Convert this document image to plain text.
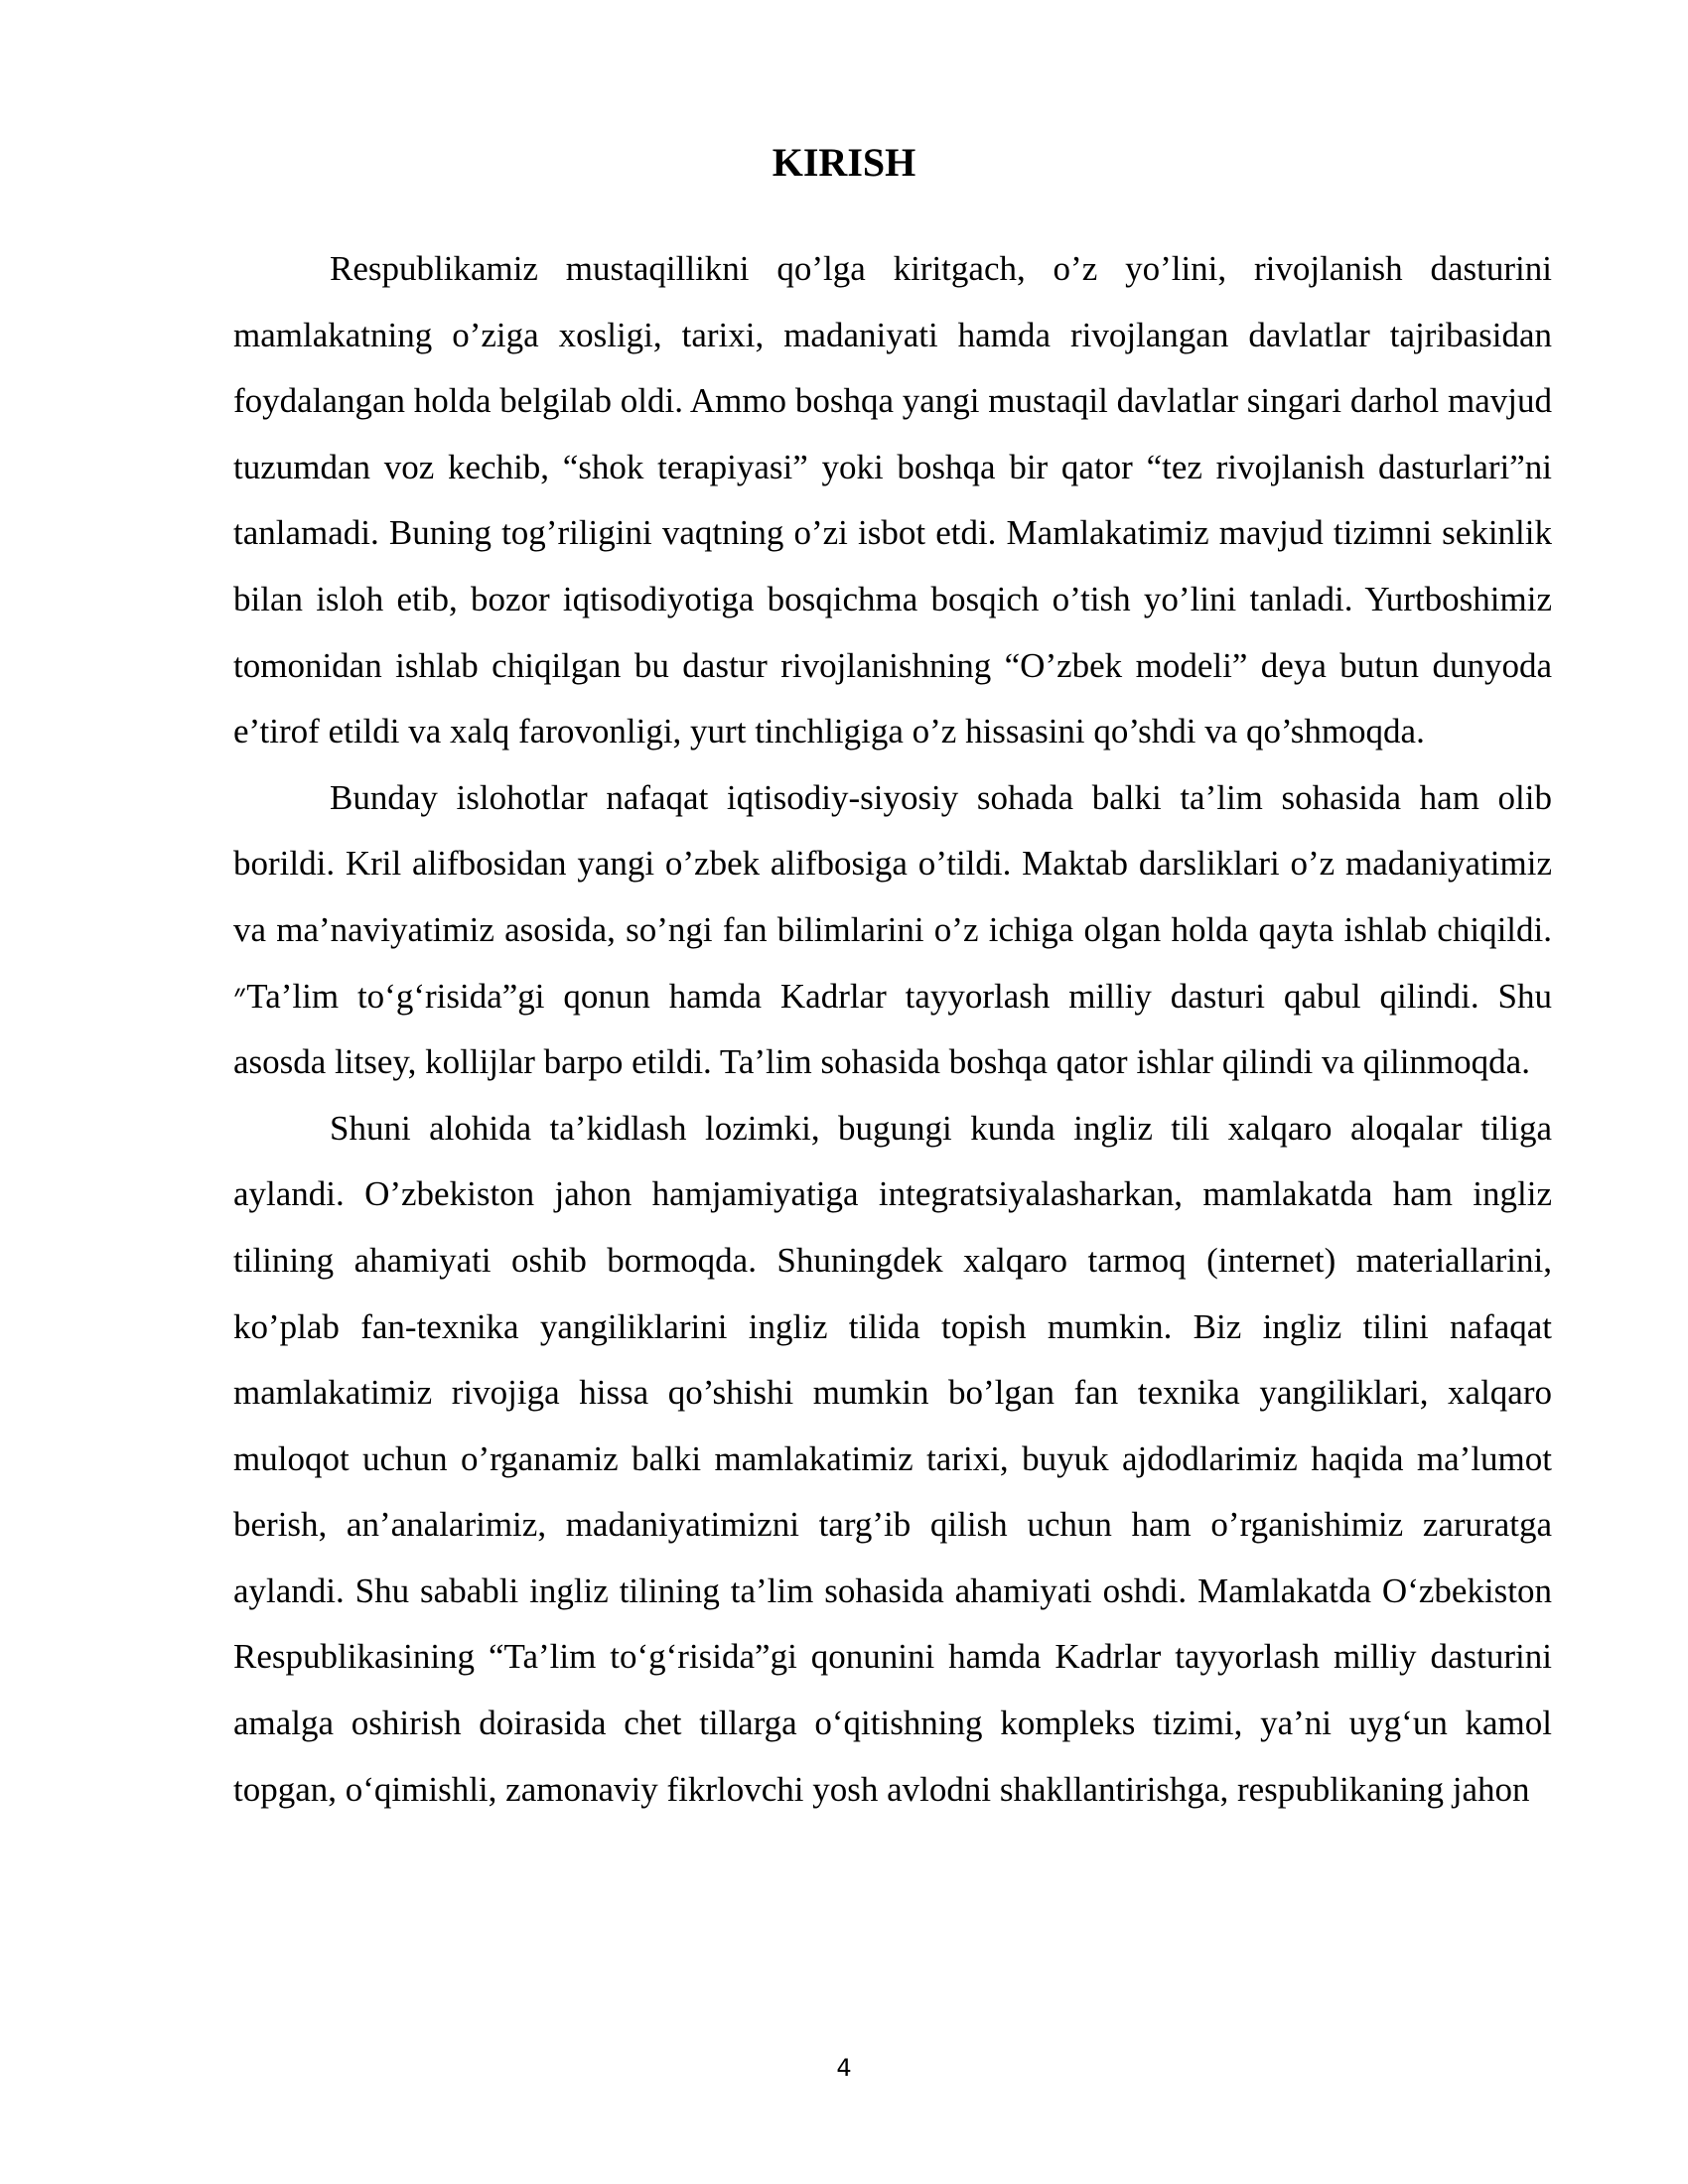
KIRISH

Respublikamiz mustaqillikni qo’lga kiritgach, o’z yo’lini, rivojlanish dasturini mamlakatning o’ziga xosligi, tarixi, madaniyati hamda rivojlangan davlatlar tajribasidan foydalangan holda belgilab oldi. Ammo boshqa yangi mustaqil davlatlar singari darhol mavjud tuzumdan voz kechib, “shok terapiyasi” yoki boshqa bir qator “tez rivojlanish dasturlari”ni tanlamadi. Buning tog’riligini vaqtning o’zi isbot etdi. Mamlakatimiz mavjud tizimni sekinlik bilan isloh etib, bozor iqtisodiyotiga bosqichma bosqich o’tish yo’lini tanladi. Yurtboshimiz tomonidan ishlab chiqilgan bu dastur rivojlanishning “O’zbek modeli” deya butun dunyoda e’tirof etildi va xalq farovonligi, yurt tinchligiga o’z hissasini qo’shdi va qo’shmoqda.

Bunday islohotlar nafaqat iqtisodiy-siyosiy sohada balki ta’lim sohasida ham olib borildi. Kril alifbosidan yangi o’zbek alifbosiga o’tildi. Maktab darsliklari o’z madaniyatimiz va ma’naviyatimiz asosida, so’ngi fan bilimlarini o’z ichiga olgan holda qayta ishlab chiqildi. ״Ta’lim to‘g‘risida”gi qonun hamda Kadrlar tayyorlash milliy dasturi qabul qilindi. Shu asosda litsey, kollijlar barpo etildi. Ta’lim sohasida boshqa qator ishlar qilindi va qilinmoqda.

Shuni alohida ta’kidlash lozimki, bugungi kunda ingliz tili xalqaro aloqalar tiliga aylandi. O’zbekiston jahon hamjamiyatiga integratsiyalasharkan, mamlakatda ham ingliz tilining ahamiyati oshib bormoqda. Shuningdek xalqaro tarmoq (internet) materiallarini, ko’plab fan-texnika yangiliklarini ingliz tilida topish mumkin. Biz ingliz tilini nafaqat mamlakatimiz rivojiga hissa qo’shishi mumkin bo’lgan fan texnika yangiliklari, xalqaro muloqot uchun o’rganamiz balki mamlakatimiz tarixi, buyuk ajdodlarimiz haqida ma’lumot berish, an’analarimiz, madaniyatimizni targ’ib qilish uchun ham o’rganishimiz zaruratga aylandi. Shu sababli ingliz tilining ta’lim sohasida ahamiyati oshdi. Mamlakatda O‘zbekiston Respublikasining “Ta’lim to‘g‘risida”gi qonunini hamda Kadrlar tayyorlash milliy dasturini amalga oshirish doirasida chet tillarga o‘qitishning kompleks tizimi, ya’ni uyg‘un kamol topgan, o‘qimishli, zamonaviy fikrlovchi yosh avlodni shakllantirishga, respublikaning jahon

4
